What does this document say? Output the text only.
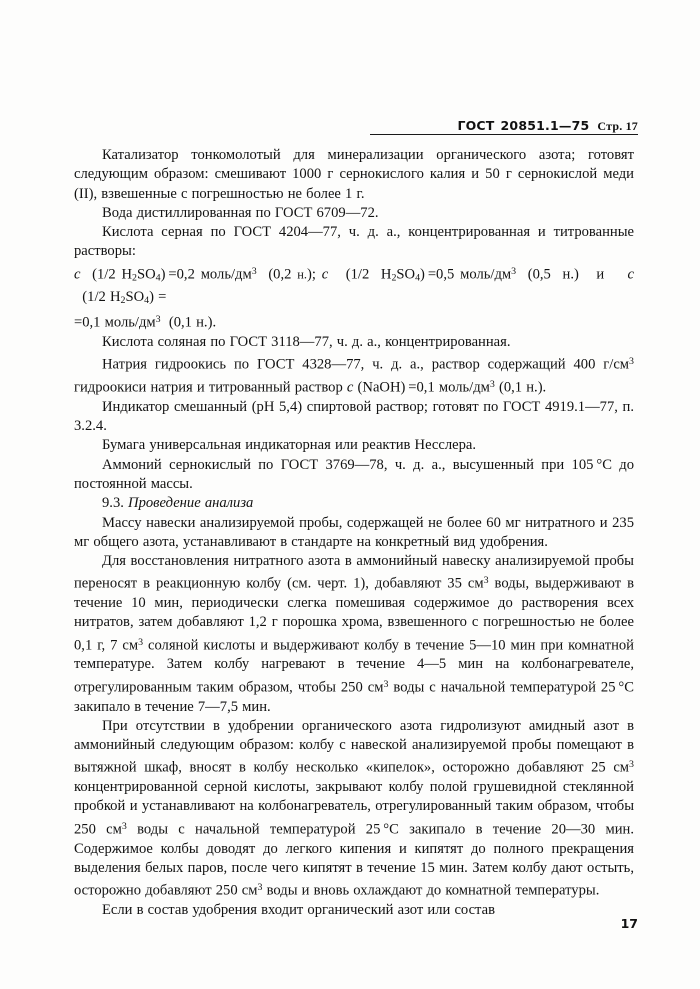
ГОСТ 20851.1—75 Стр. 17

Катализатор тонкомолотый для минерализации органического азота; готовят следующим образом: смешивают 1000 г сернокислого калия и 50 г сернокислой меди (II), взвешенные с погрешностью не более 1 г.

Вода дистиллированная по ГОСТ 6709—72.

Кислота серная по ГОСТ 4204—77, ч. д. а., концентрированная и титрованные растворы:

c  (1/2 $H_2SO_4) =0,2$ моль/$дм^3$  (0,2 н.); c   (1/2  $H_2SO_4) =0,5$ моль/$дм^3$  (0,5  н.)   и    c   (1/2 $H_2SO_4$) =

=0,1 моль/$дм^3$  (0,1 н.).

Кислота соляная по ГОСТ 3118—77, ч. д. а., концентрированная.

Натрия гидроокись по ГОСТ 4328—77, ч. д. а., раствор содержащий 400 $г/см^3$ гидроокиси натрия и титрованный раствор c (NaOH) =0,1 моль/$дм^3$ (0,1 н.).

Индикатор смешанный (рН 5,4) спиртовой раствор; готовят по ГОСТ 4919.1—77, п. 3.2.4.

Бумага универсальная индикаторная или реактив Несслера.

Аммоний сернокислый по ГОСТ 3769—78, ч. д. а., высушенный при 105 °С до постоянной массы.

9.3. Проведение анализа

Массу навески анализируемой пробы, содержащей не более 60 мг нитратного и 235 мг общего азота, устанавливают в стандарте на конкретный вид удобрения.

Для восстановления нитратного азота в аммонийный навеску анализируемой пробы переносят в реакционную колбу (см. черт. 1), добавляют 35 $см^3$ воды, выдерживают в течение 10 мин, периодически слегка помешивая содержимое до растворения всех нитратов, затем добавляют 1,2 г порошка хрома, взвешенного с погрешностью не более 0,1 г, 7 $см^3$ соляной кислоты и выдерживают колбу в течение 5—10 мин при комнатной температуре. Затем колбу нагревают в течение 4—5 мин на колбонагревателе, отрегулированным таким образом, чтобы 250 $см^3$ воды с начальной температурой 25 °С закипало в течение 7—7,5 мин.

При отсутствии в удобрении органического азота гидролизуют амидный азот в аммонийный следующим образом: колбу с навеской анализируемой пробы помещают в вытяжной шкаф, вносят в колбу несколько «кипелок», осторожно добавляют 25 $см^3$ концентрированной серной кислоты, закрывают колбу полой грушевидной стеклянной пробкой и устанавливают на колбонагреватель, отрегулированный таким образом, чтобы 250 $см^3$ воды с начальной температурой 25 °С закипало в течение 20—30 мин. Содержимое колбы доводят до легкого кипения и кипятят до полного прекращения выделения белых паров, после чего кипятят в течение 15 мин. Затем колбу дают остыть, осторожно добавляют 250 $см^3$ воды и вновь охлаждают до комнатной температуры.

Если в состав удобрения входит органический азот или состав

17
